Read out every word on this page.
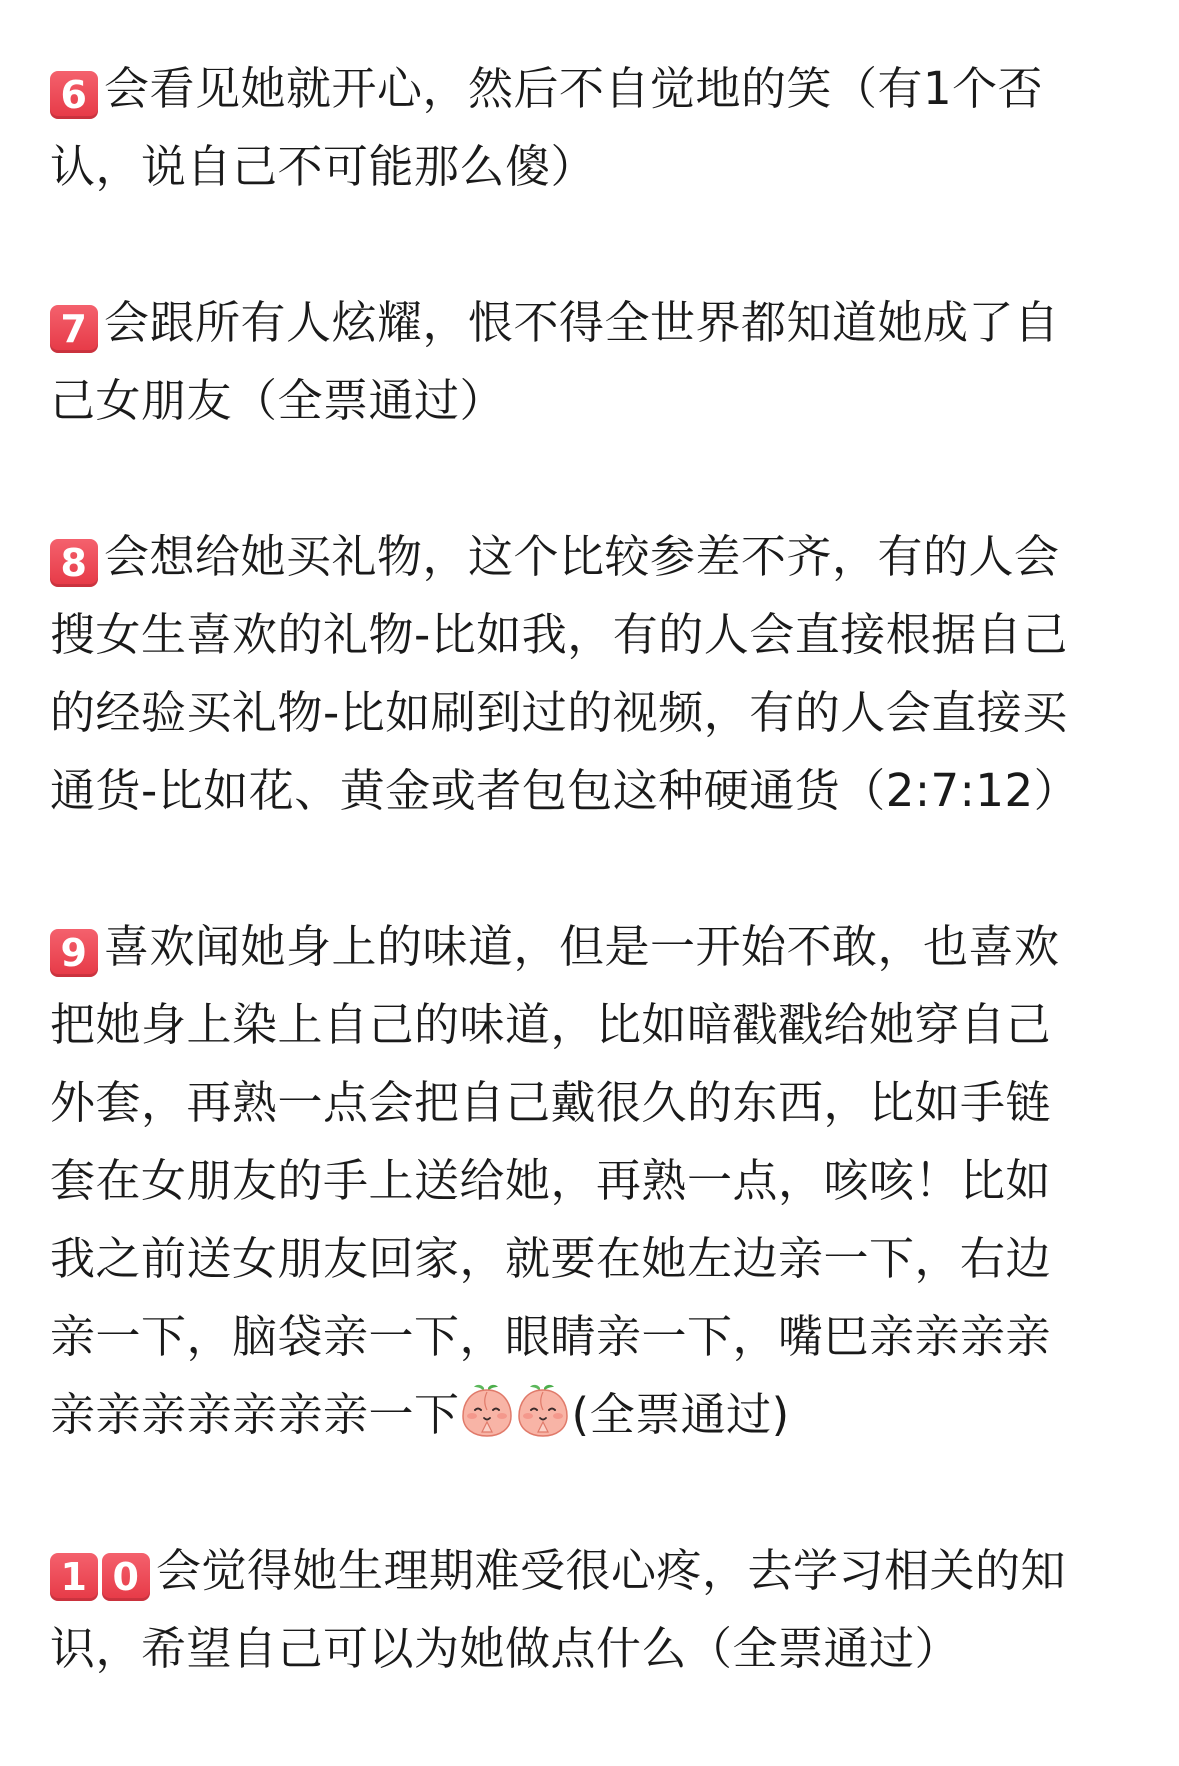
6 会看见她就开心，然后不自觉地的笑（有1个否
认，说自己不可能那么傻）
7 会跟所有人炫耀，恨不得全世界都知道她成了自
己女朋友（全票通过）
8 会想给她买礼物，这个比较参差不齐，有的人会
搜女生喜欢的礼物-比如我，有的人会直接根据自己
的经验买礼物-比如刷到过的视频，有的人会直接买
通货-比如花、黄金或者包包这种硬通货（2:7:12）
9 喜欢闻她身上的味道，但是一开始不敢，也喜欢
把她身上染上自己的味道，比如暗戳戳给她穿自己
外套，再熟一点会把自己戴很久的东西，比如手链
套在女朋友的手上送给她，再熟一点，咳咳！比如
我之前送女朋友回家，就要在她左边亲一下，右边
亲一下，脑袋亲一下，眼睛亲一下，嘴巴亲亲亲亲
亲亲亲亲亲亲亲一下 (全票通过)
1 0 会觉得她生理期难受很心疼，去学习相关的知
识，希望自己可以为她做点什么（全票通过）
